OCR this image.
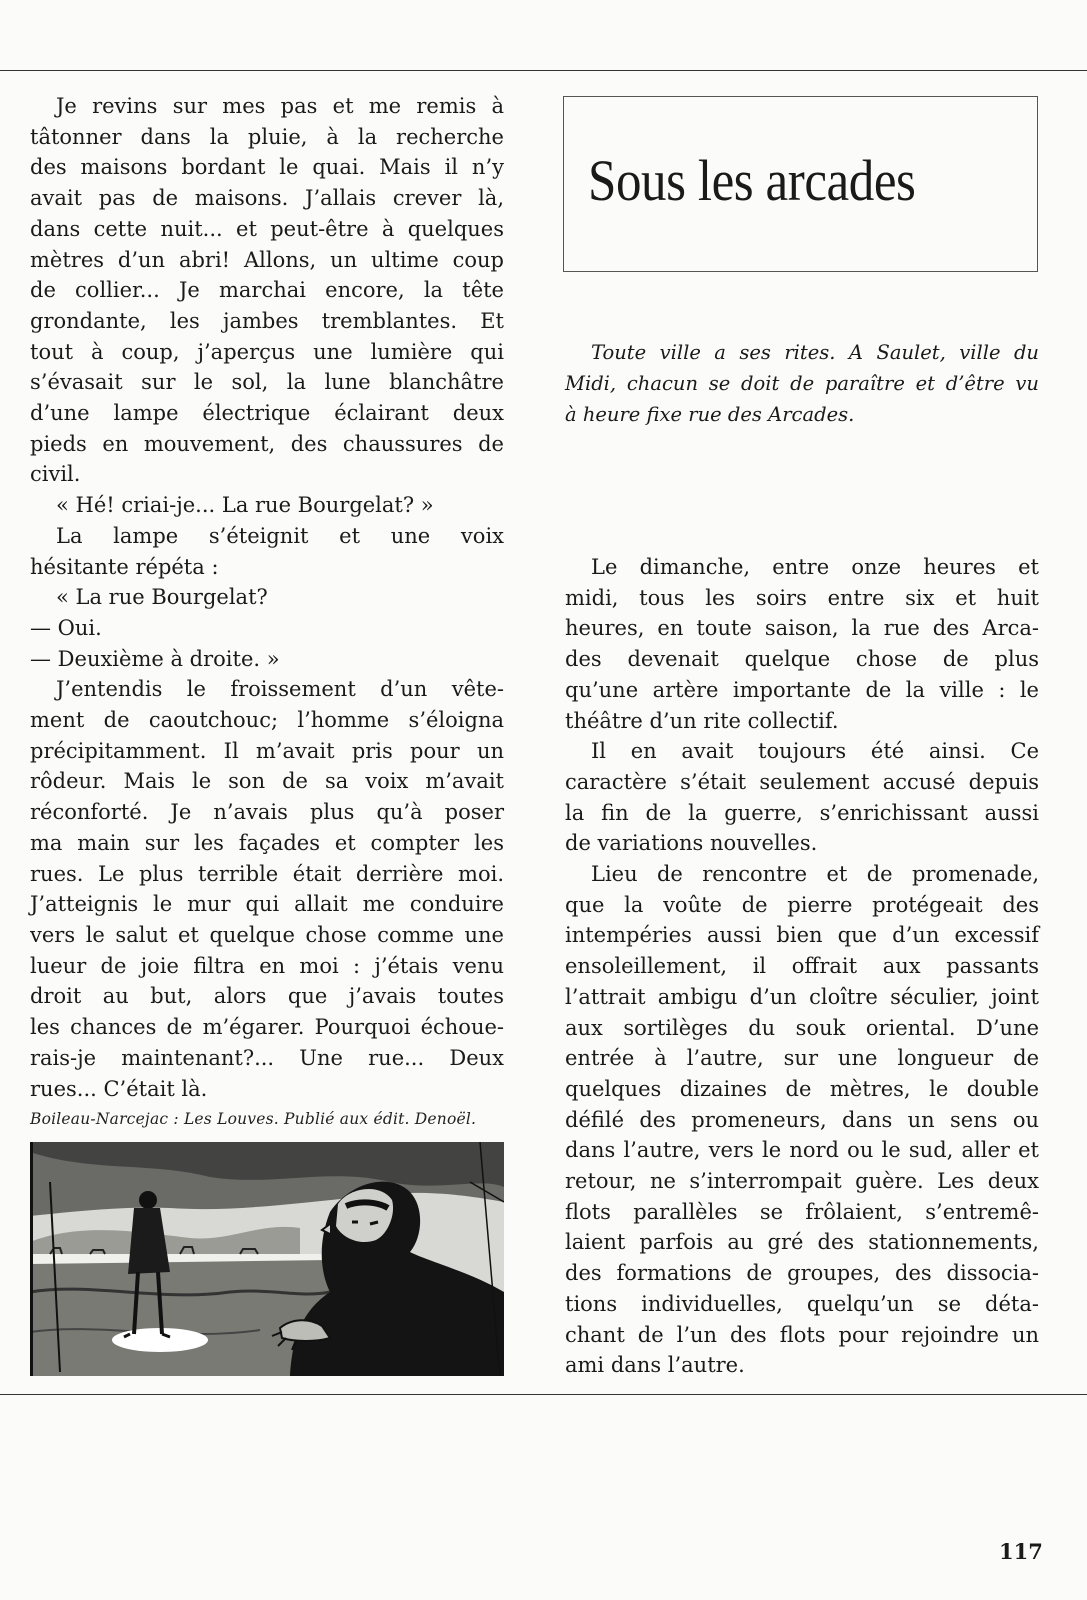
Je revins sur mes pas et me remis à
tâtonner dans la pluie, à la recherche
des maisons bordant le quai. Mais il n’y
avait pas de maisons. J’allais crever là,
dans cette nuit... et peut-être à quelques
mètres d’un abri! Allons, un ultime coup
de collier... Je marchai encore, la tête
grondante, les jambes tremblantes. Et
tout à coup, j’aperçus une lumière qui
s’évasait sur le sol, la lune blanchâtre
d’une lampe électrique éclairant deux
pieds en mouvement, des chaussures de
civil.

« Hé! criai-je... La rue Bourgelat? »

La lampe s’éteignit et une voix
hésitante répéta :

« La rue Bourgelat?

— Oui.

— Deuxième à droite. »

J’entendis le froissement d’un vête-
ment de caoutchouc; l’homme s’éloigna
précipitamment. Il m’avait pris pour un
rôdeur. Mais le son de sa voix m’avait
réconforté. Je n’avais plus qu’à poser
ma main sur les façades et compter les
rues. Le plus terrible était derrière moi.
J’atteignis le mur qui allait me conduire
vers le salut et quelque chose comme une
lueur de joie filtra en moi : j’étais venu
droit au but, alors que j’avais toutes
les chances de m’égarer. Pourquoi échoue-
rais-je maintenant?... Une rue... Deux
rues... C’était là.

Boileau-Narcejac : Les Louves. Publié aux édit. Denoël.
Sous les arcades
Toute ville a ses rites. A Saulet, ville du
Midi, chacun se doit de paraître et d’être vu
à heure fixe rue des Arcades.

Le dimanche, entre onze heures et
midi, tous les soirs entre six et huit
heures, en toute saison, la rue des Arca-
des devenait quelque chose de plus
qu’une artère importante de la ville : le
théâtre d’un rite collectif.

Il en avait toujours été ainsi. Ce
caractère s’était seulement accusé depuis
la fin de la guerre, s’enrichissant aussi
de variations nouvelles.

Lieu de rencontre et de promenade,
que la voûte de pierre protégeait des
intempéries aussi bien que d’un excessif
ensoleillement, il offrait aux passants
l’attrait ambigu d’un cloître séculier, joint
aux sortilèges du souk oriental. D’une
entrée à l’autre, sur une longueur de
quelques dizaines de mètres, le double
défilé des promeneurs, dans un sens ou
dans l’autre, vers le nord ou le sud, aller et
retour, ne s’interrompait guère. Les deux
flots parallèles se frôlaient, s’entremê-
laient parfois au gré des stationnements,
des formations de groupes, des dissocia-
tions individuelles, quelqu’un se déta-
chant de l’un des flots pour rejoindre un
ami dans l’autre.

117
